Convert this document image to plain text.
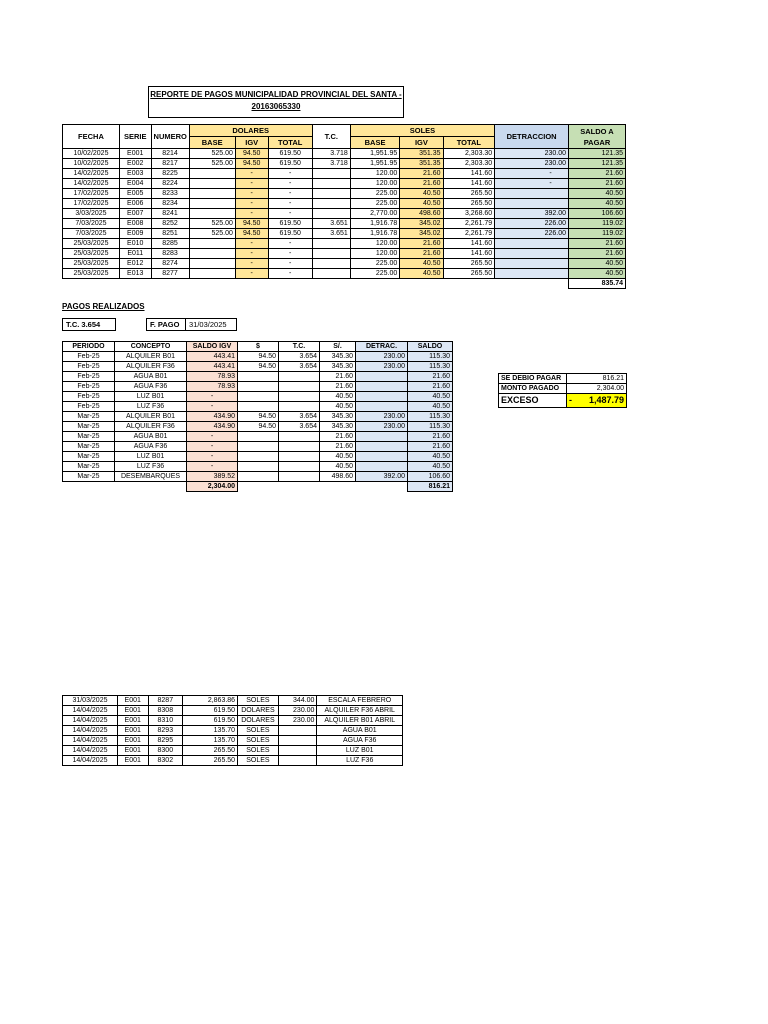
REPORTE DE PAGOS MUNICIPALIDAD PROVINCIAL DEL SANTA -
20163065330
FECHA	SERIE	NUMERO	DOLARES			T.C.	SOLES			DETRACCION	SALDO A PAGAR
			BASE	IGV	TOTAL		BASE	IGV	TOTAL		
10/02/2025	E001	8214	525.00	94.50	619.50	3.718	1,951.95	351.35	2,303.30	230.00	121.35
10/02/2025	E002	8217	525.00	94.50	619.50	3.718	1,951.95	351.35	2,303.30	230.00	121.35
14/02/2025	E003	8225		-	-		120.00	21.60	141.60	-	21.60
14/02/2025	E004	8224		-	-		120.00	21.60	141.60	-	21.60
17/02/2025	E005	8233		-	-		225.00	40.50	265.50		40.50
17/02/2025	E006	8234		-	-		225.00	40.50	265.50		40.50
3/03/2025	E007	8241		-	-		2,770.00	498.60	3,268.60	392.00	106.60
7/03/2025	E008	8252	525.00	94.50	619.50	3.651	1,916.78	345.02	2,261.79	226.00	119.02
7/03/2025	E009	8251	525.00	94.50	619.50	3.651	1,916.78	345.02	2,261.79	226.00	119.02
25/03/2025	E010	8285		-	-		120.00	21.60	141.60		21.60
25/03/2025	E011	8283		-	-		120.00	21.60	141.60		21.60
25/03/2025	E012	8274		-	-		225.00	40.50	265.50		40.50
25/03/2025	E013	8277		-	-		225.00	40.50	265.50		40.50
											835.74
PAGOS REALIZADOS
T.C. 3.654	F. PAGO	31/03/2025
PERIODO	CONCEPTO	SALDO IGV	$	T.C.	S/.	DETRAC.	SALDO
Feb-25	ALQUILER B01	443.41	94.50	3.654	345.30	230.00	115.30
Feb-25	ALQUILER F36	443.41	94.50	3.654	345.30	230.00	115.30
Feb-25	AGUA B01	78.93			21.60		21.60
Feb-25	AGUA F36	78.93			21.60		21.60
Feb-25	LUZ B01	-			40.50		40.50
Feb-25	LUZ F36	-			40.50		40.50
Mar-25	ALQUILER B01	434.90	94.50	3.654	345.30	230.00	115.30
Mar-25	ALQUILER F36	434.90	94.50	3.654	345.30	230.00	115.30
Mar-25	AGUA B01	-			21.60		21.60
Mar-25	AGUA F36	-			21.60		21.60
Mar-25	LUZ B01	-			40.50		40.50
Mar-25	LUZ F36	-			40.50		40.50
Mar-25	DESEMBARQUES	389.52			498.60	392.00	106.60
		2,304.00					816.21
SE DEBIO PAGAR	816.21
MONTO PAGADO	2,304.00
EXCESO	- 1,487.79
31/03/2025	E001	8287	2,863.86	SOLES	344.00	ESCALA FEBRERO
14/04/2025	E001	8308	619.50	DOLARES	230.00	ALQUILER F36 ABRIL
14/04/2025	E001	8310	619.50	DOLARES	230.00	ALQUILER B01 ABRIL
14/04/2025	E001	8293	135.70	SOLES		AGUA B01
14/04/2025	E001	8295	135.70	SOLES		AGUA F36
14/04/2025	E001	8300	265.50	SOLES		LUZ B01
14/04/2025	E001	8302	265.50	SOLES		LUZ F36
